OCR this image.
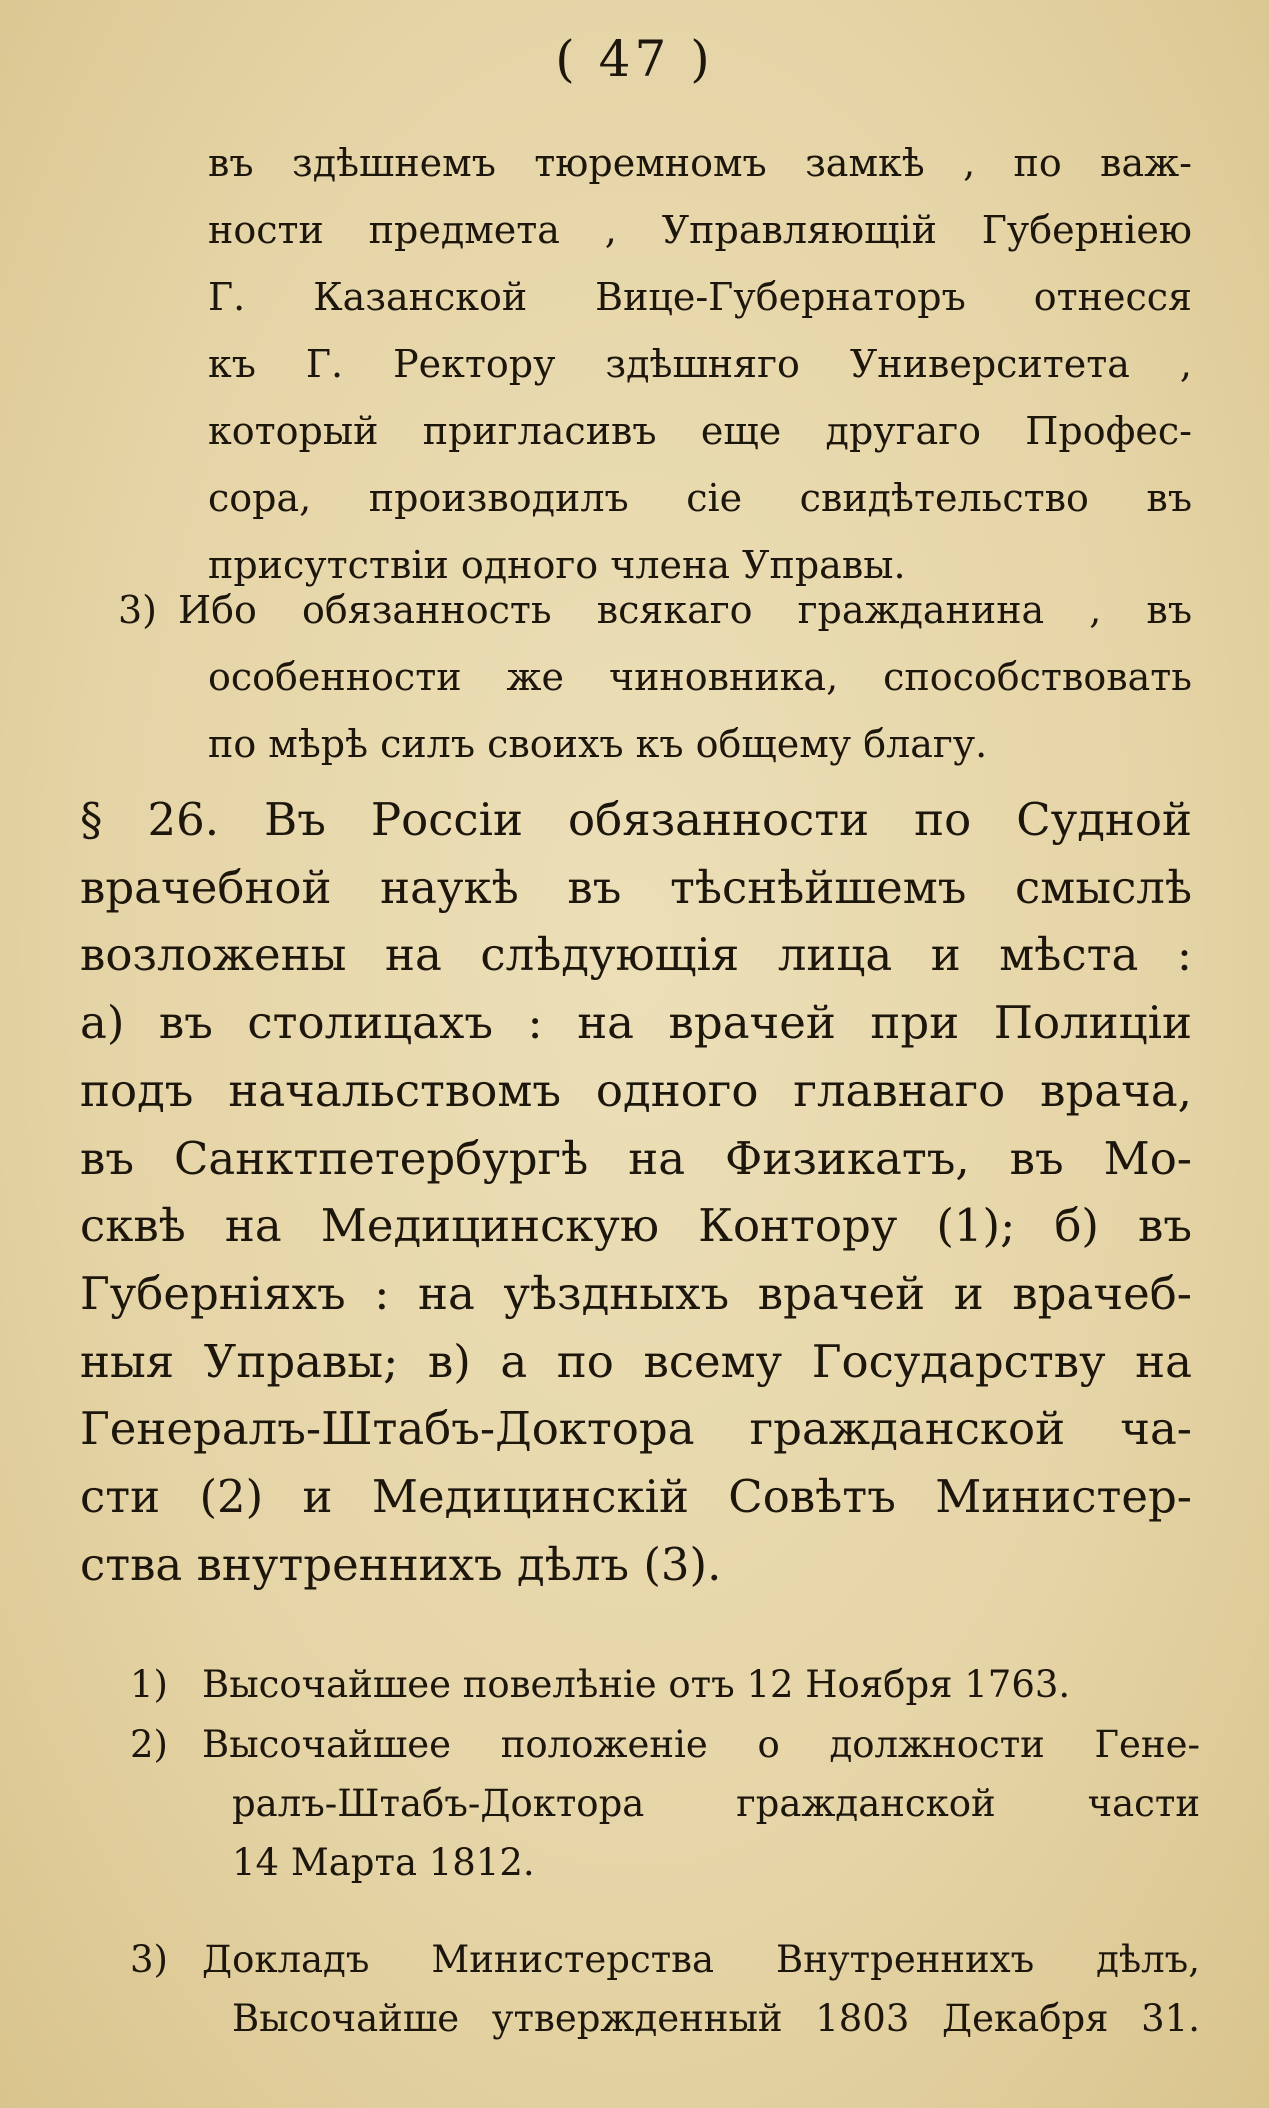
( 47 )
въ здѣшнемъ тюремномъ замкѣ , по важ-
ности предмета , Управляющій Губерніею
Г. Казанской Вице-Губернаторъ отнесся
къ Г. Ректору здѣшняго Университета ,
который пригласивъ еще другаго Профес-
сора, производилъ сіе свидѣтельство въ
присутствіи одного члена Управы.
3) Ибо обязанность всякаго гражданина , въ
особенности же чиновника, способствовать
по мѣрѣ силъ своихъ къ общему благу.
§ 26. Въ Россіи обязанности по Судной
врачебной наукѣ въ тѣснѣйшемъ смыслѣ
возложены на слѣдующія лица и мѣста :
а) въ столицахъ : на врачей при Полиціи
подъ начальствомъ одного главнаго врача,
въ Санктпетербургѣ на Физикатъ, въ Мо-
сквѣ на Медицинскую Контору (1); б) въ
Губерніяхъ : на уѣздныхъ врачей и врачеб-
ныя Управы; в) а по всему Государству на
Генералъ-Штабъ-Доктора гражданской ча-
сти (2) и Медицинскій Совѣтъ Министер-
ства внутреннихъ дѣлъ (3).
1) Высочайшее повелѣніе отъ 12 Ноября 1763.
2) Высочайшее положеніе о должности Гене-
ралъ-Штабъ-Доктора гражданской части
14 Марта 1812.
3) Докладъ Министерства Внутреннихъ дѣлъ,
Высочайше утвержденный 1803 Декабря 31.
